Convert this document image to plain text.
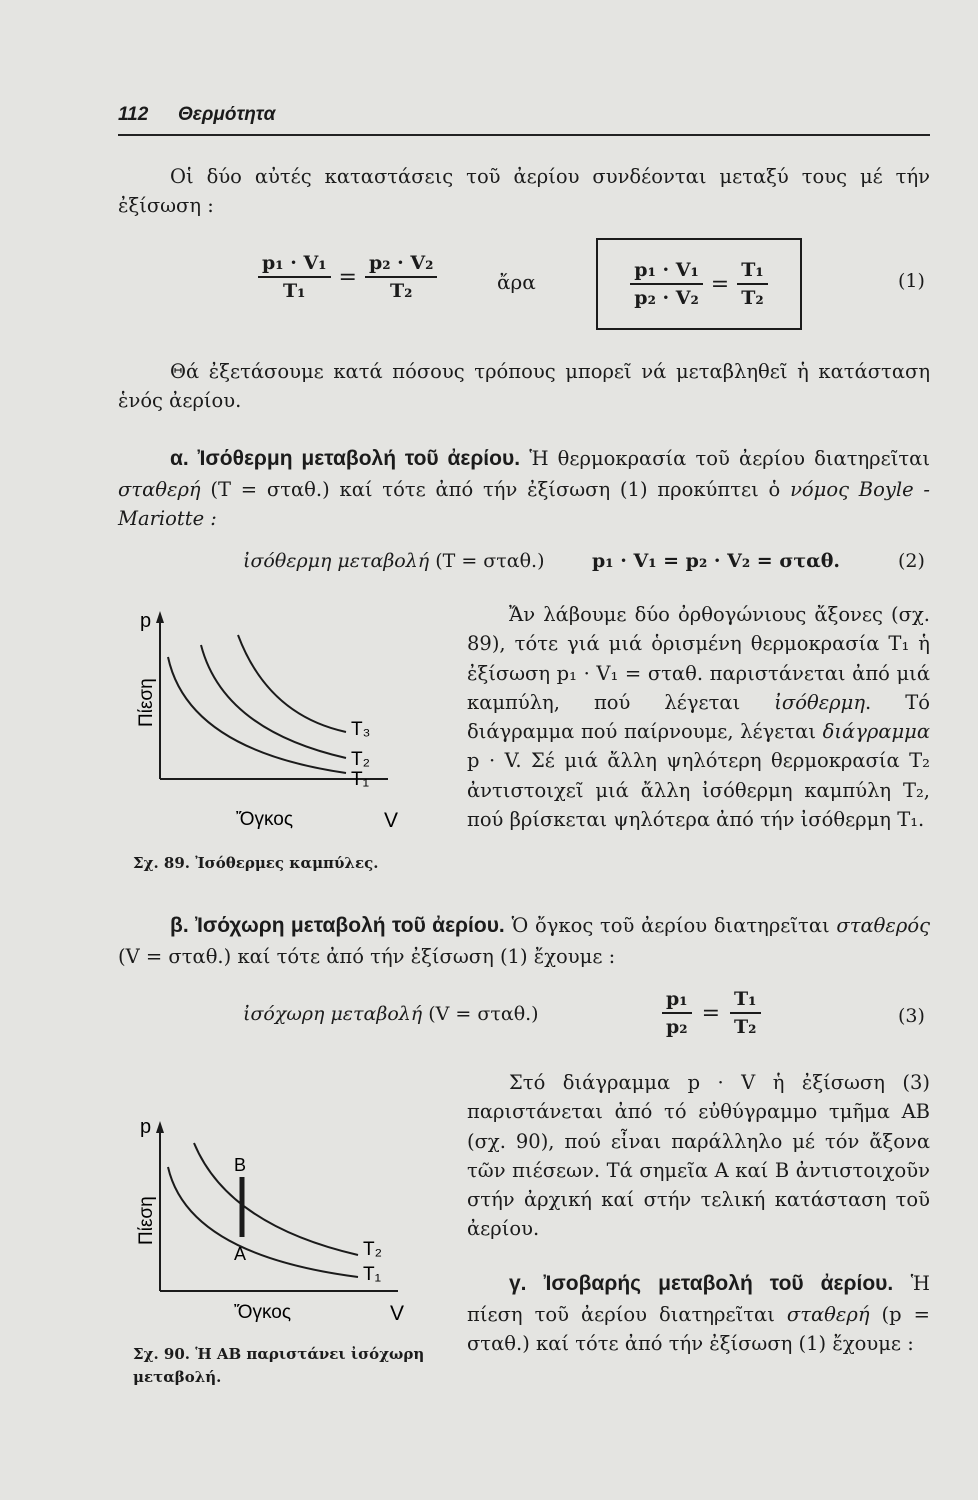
112 Θερμότητα
Οἱ δύο αὐτές καταστάσεις τοῦ ἀερίου συνδέονται μεταξύ τους μέ τήν ἐξίσωση :
$\frac{\text{p₁ · V₁}}{\text{T₁}} = \frac{\text{p₂ · V₂}}{\text{T₂}}$	ἄρα	$\frac{\text{p₁ · V₁}}{\text{p₂ · V₂}} = \frac{\text{T₁}}{\text{T₂}}$	(1)
Θά ἐξετάσουμε κατά πόσους τρόπους μπορεῖ νά μεταβληθεῖ ἡ κατάσταση ἑνός ἀερίου.
α. Ἰσόθερμη μεταβολή τοῦ ἀερίου. Ἡ θερμοκρασία τοῦ ἀερίου διατηρεῖται σταθερή (T = σταθ.) καί τότε ἀπό τήν ἐξίσωση (1) προκύπτει ὁ νόμος Boyle - Mariotte :
ἰσόθερμη μεταβολή (T = σταθ.) p₁ · V₁ = p₂ · V₂ = σταθ.	(2)
Ἄν λάβουμε δύο ὀρθογώνιους ἄξονες (σχ. 89), τότε γιά μιά ὁρισμένη θερμοκρασία T₁ ἡ ἐξίσωση p₁ · V₁ = σταθ. παριστάνεται ἀπό μιά καμπύλη, πού λέγεται ἰσόθερμη. Τό διάγραμμα πού παίρνουμε, λέγεται διάγραμμα p · V. Σέ μιά ἄλλη ψηλότερη θερμοκρασία T₂ ἀντιστοιχεῖ μιά ἄλλη ἰσόθερμη καμπύλη T₂, πού βρίσκεται ψηλότερα ἀπό τήν ἰσόθερμη T₁.
p
Πίεση
Ὄγκος	V
T₃
T₂
T₁
Σχ. 89. Ἰσόθερμες καμπύλες.
β. Ἰσόχωρη μεταβολή τοῦ ἀερίου. Ὁ ὄγκος τοῦ ἀερίου διατηρεῖται σταθερός (V = σταθ.) καί τότε ἀπό τήν ἐξίσωση (1) ἔχουμε :
ἰσόχωρη μεταβολή (V = σταθ.)	$\frac{\text{p₁}}{\text{p₂}} = \frac{\text{T₁}}{\text{T₂}}$	(3)
Στό διάγραμμα p · V ἡ ἐξίσωση (3) παριστάνεται ἀπό τό εὐθύγραμμο τμῆμα AB (σχ. 90), πού εἶναι παράλληλο μέ τόν ἄξονα τῶν πιέσεων. Τά σημεῖα A καί B ἀντιστοιχοῦν στήν ἀρχική καί στήν τελική κατάσταση τοῦ ἀερίου.
p
Πίεση
Ὄγκος	V
B
A	T₂
T₁
Σχ. 90. Ἡ AB παριστάνει ἰσόχωρη μεταβολή.
γ. Ἰσοβαρής μεταβολή τοῦ ἀερίου. Ἡ πίεση τοῦ ἀερίου διατηρεῖται σταθερή (p = σταθ.) καί τότε ἀπό τήν ἐξίσωση (1) ἔχουμε :
